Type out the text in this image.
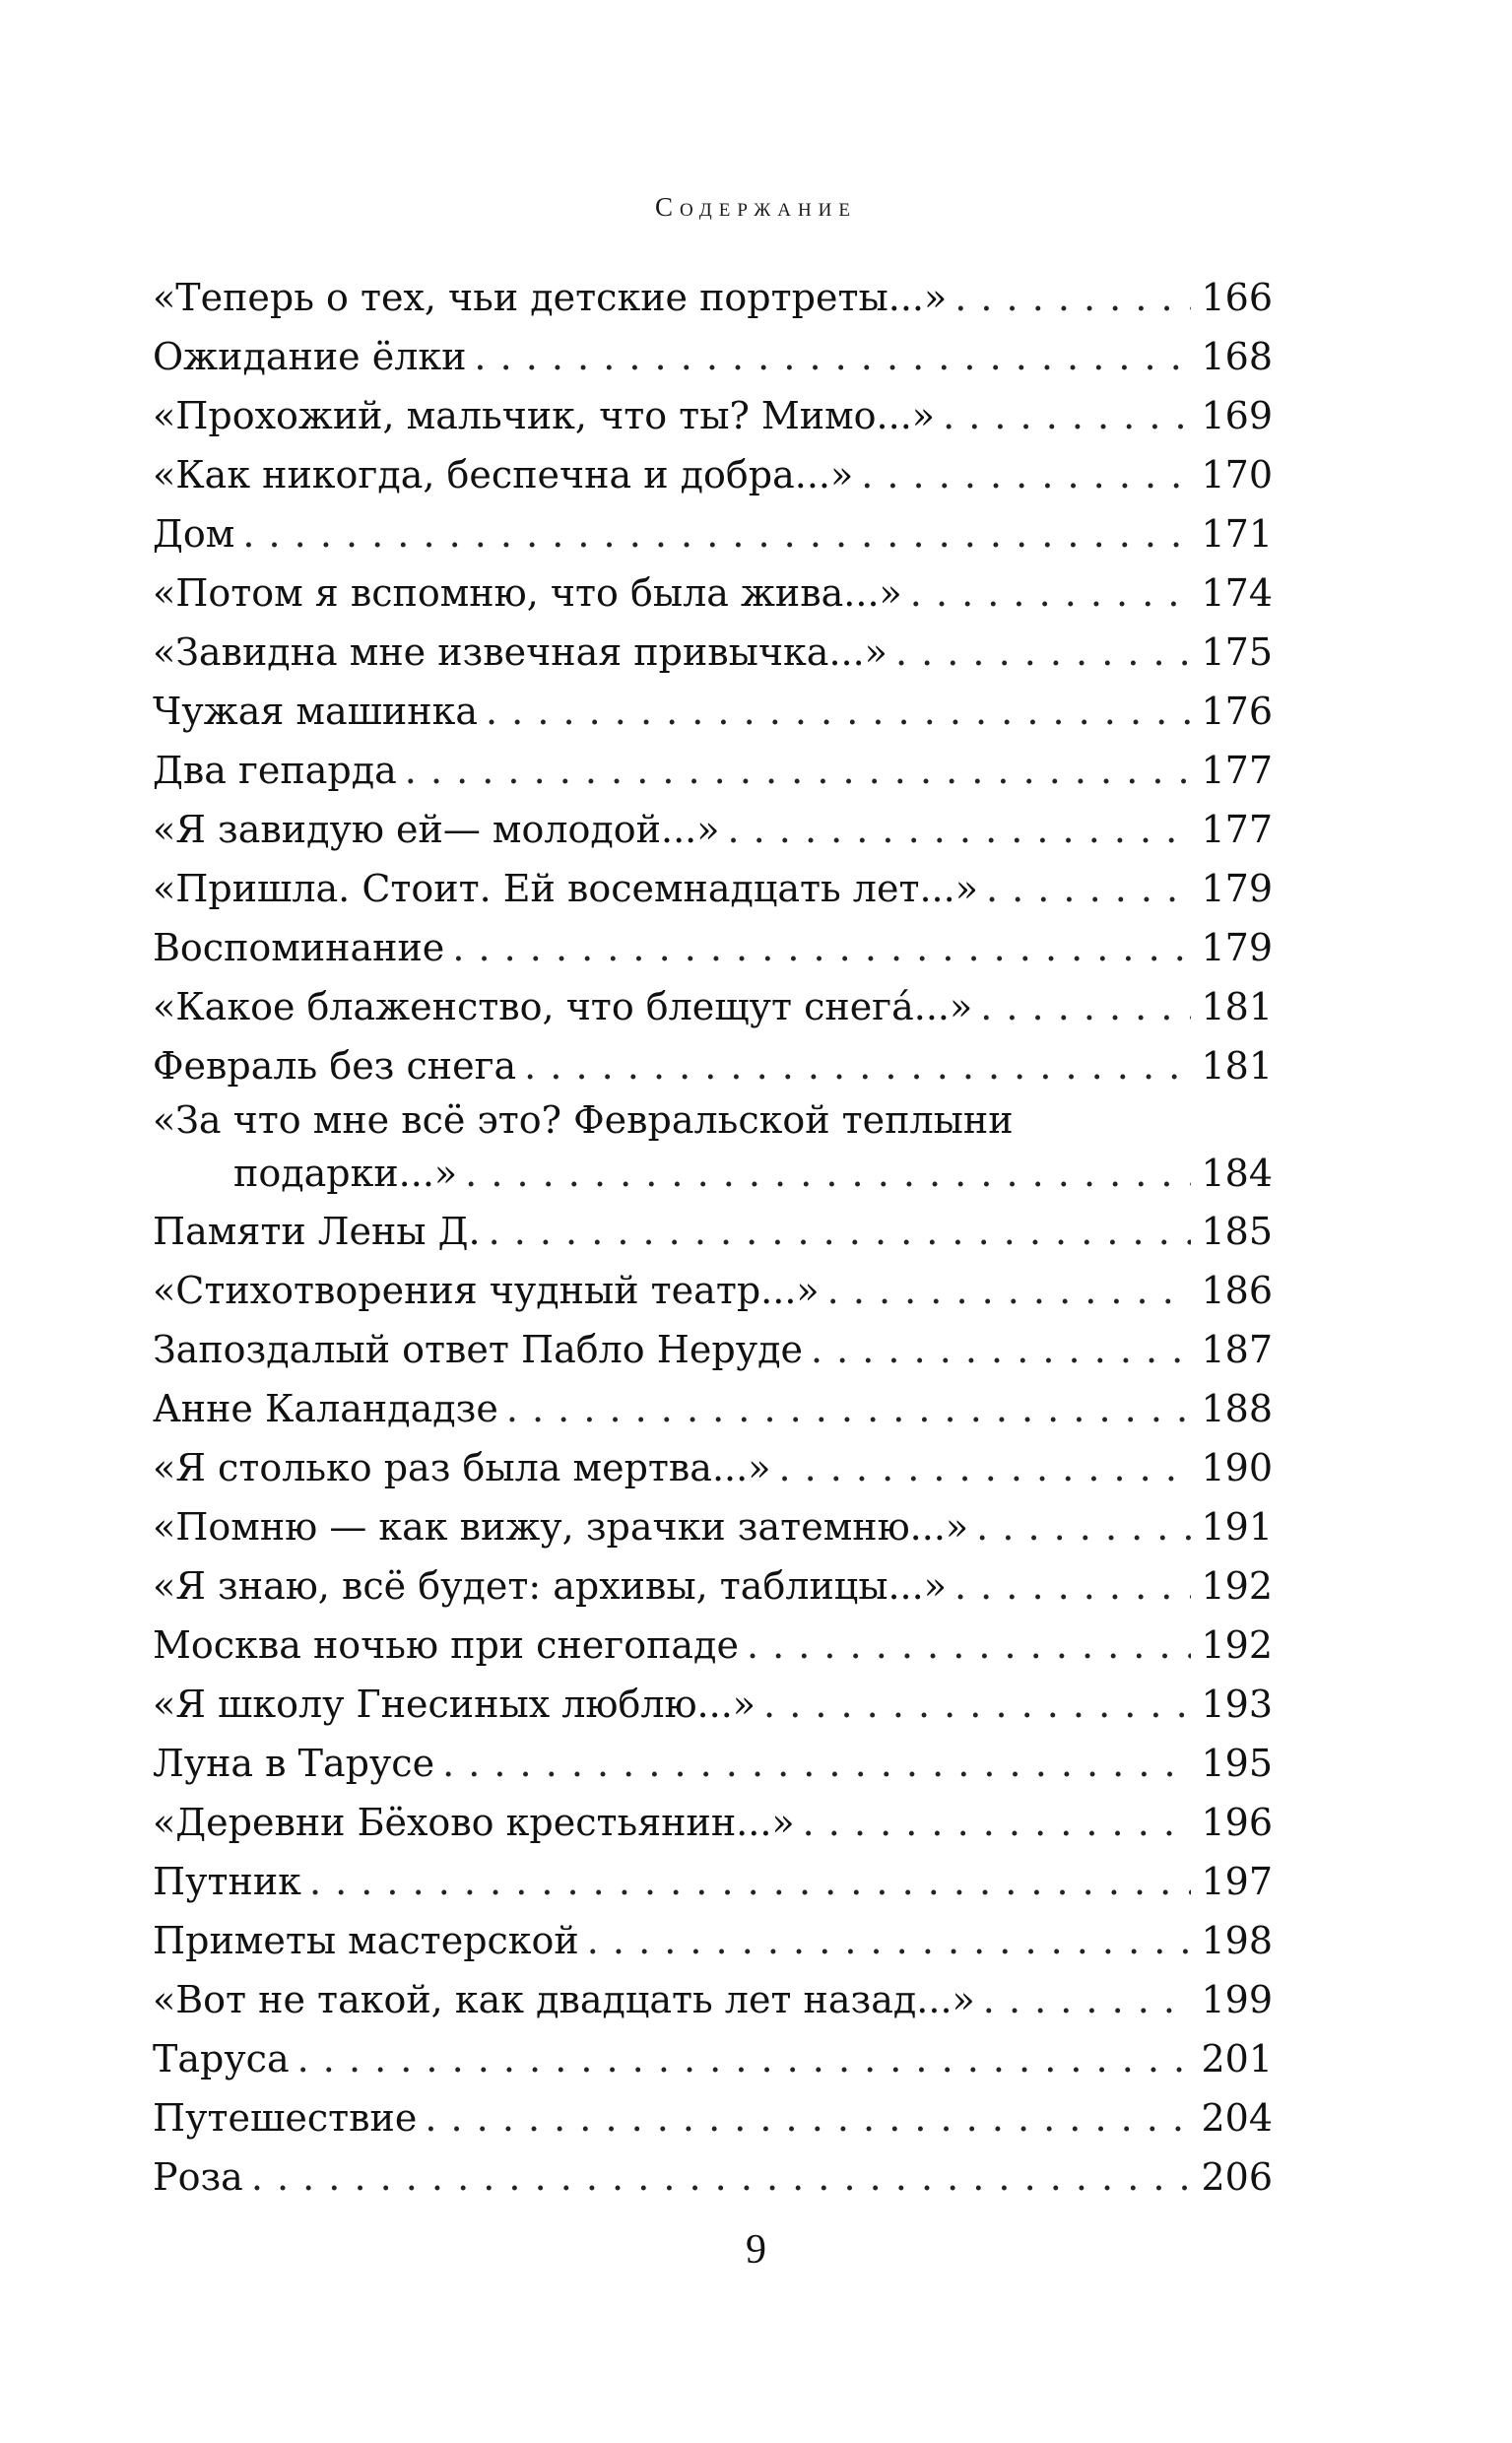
Содержание
«Теперь о тех, чьи детские портреты...» . . .	166
Ожидание ёлки . . .	168
«Прохожий, мальчик, что ты? Мимо...» . . .	169
«Как никогда, беспечна и добра...» . . .	170
Дом . . .	171
«Потом я вспомню, что была жива...» . . .	174
«Завидна мне извечная привычка...» . . .	175
Чужая машинка . . .	176
Два гепарда . . .	177
«Я завидую ей— молодой...» . . .	177
«Пришла. Стоит. Ей восемнадцать лет...» . . .	179
Воспоминание . . .	179
«Какое блаженство, что блещут снегá...» . . .	181
Февраль без снега . . .	181
«За что мне всё это? Февральской теплыни
подарки...» . . .	184
Памяти Лены Д. . . .	185
«Стихотворения чудный театр...» . . .	186
Запоздалый ответ Пабло Неруде . . .	187
Анне Каландадзе . . .	188
«Я столько раз была мертва...» . . .	190
«Помню — как вижу, зрачки затемню...» . . .	191
«Я знаю, всё будет: архивы, таблицы...» . . .	192
Москва ночью при снегопаде . . .	192
«Я школу Гнесиных люблю...» . . .	193
Луна в Тарусе . . .	195
«Деревни Бёхово крестьянин...» . . .	196
Путник . . .	197
Приметы мастерской . . .	198
«Вот не такой, как двадцать лет назад...» . . .	199
Таруса . . .	201
Путешествие . . .	204
Роза . . .	206
9
